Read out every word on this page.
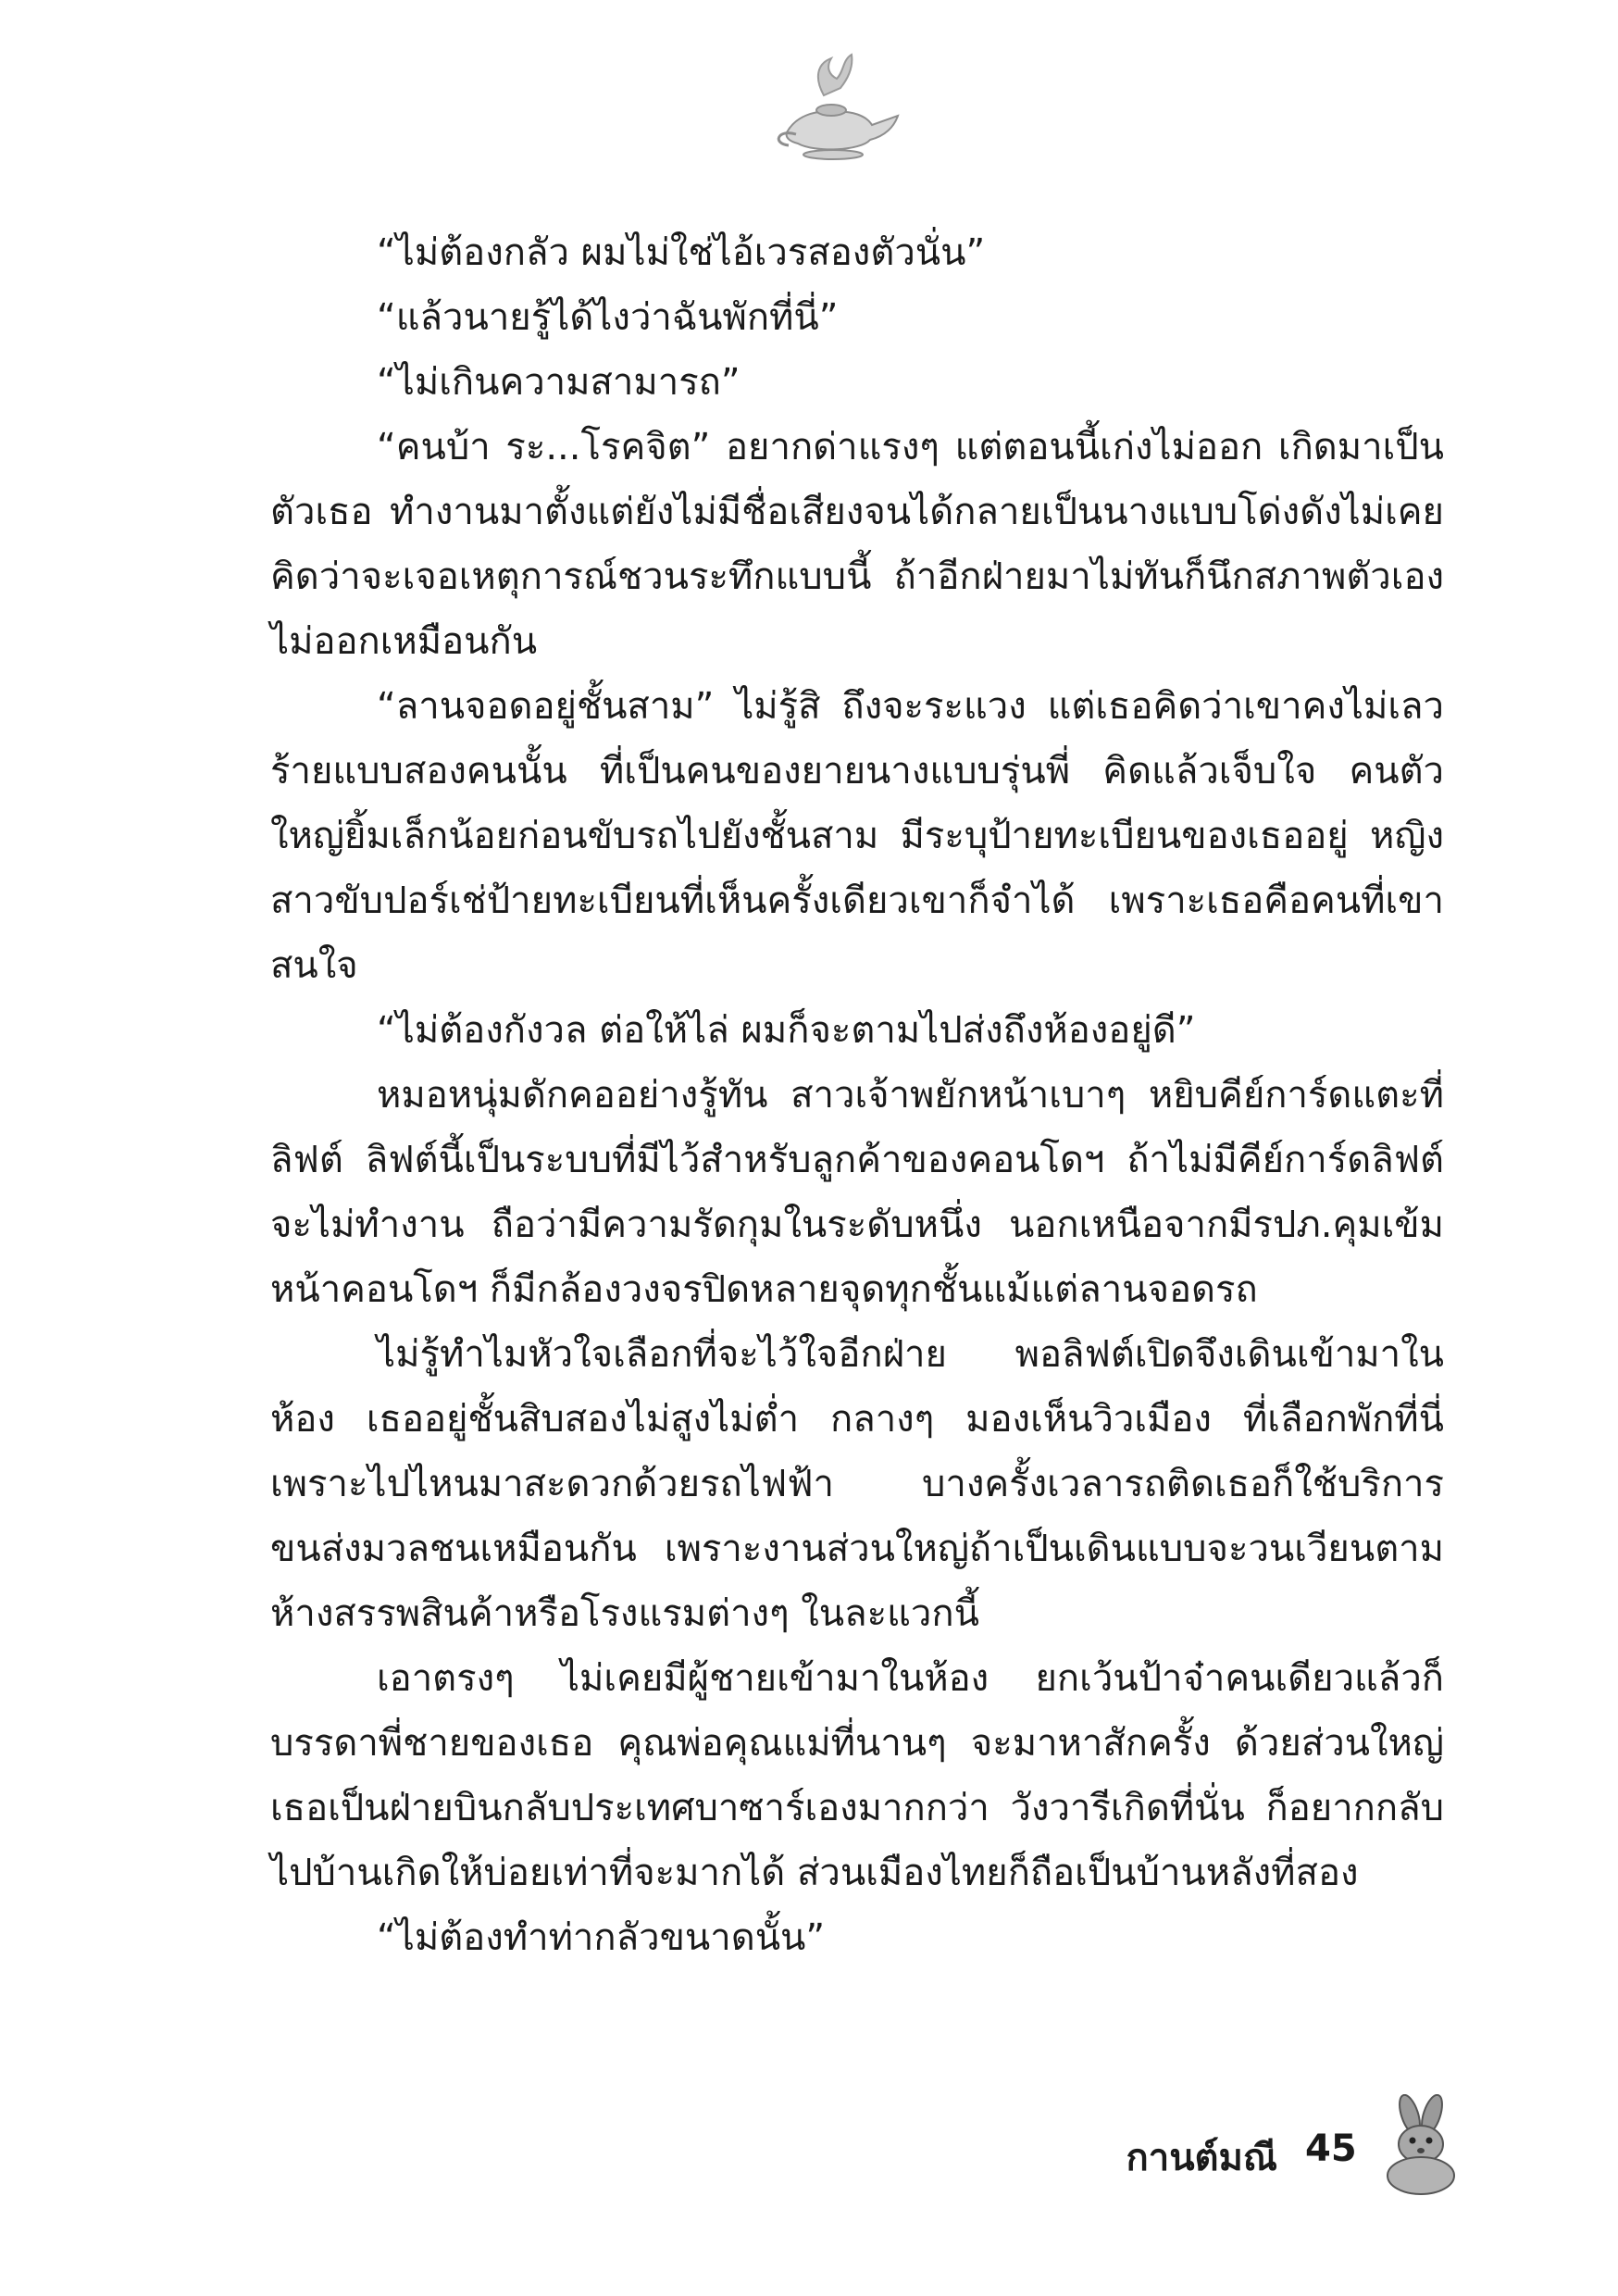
“ไม่ต้องกลัว ผมไม่ใช่ไอ้เวรสองตัวนั่น”

“แล้วนายรู้ได้ไงว่าฉันพักที่นี่”

“ไม่เกินความสามารถ”

“คนบ้า ระ...โรคจิต” อยากด่าแรงๆ แต่ตอนนี้เก่งไม่ออก เกิดมาเป็นตัวเธอ ทำงานมาตั้งแต่ยังไม่มีชื่อเสียงจนได้กลายเป็นนางแบบโด่งดังไม่เคยคิดว่าจะเจอเหตุการณ์ชวนระทึกแบบนี้ ถ้าอีกฝ่ายมาไม่ทันก็นึกสภาพตัวเองไม่ออกเหมือนกัน

“ลานจอดอยู่ชั้นสาม” ไม่รู้สิ ถึงจะระแวง แต่เธอคิดว่าเขาคงไม่เลวร้ายแบบสองคนนั้น ที่เป็นคนของยายนางแบบรุ่นพี่ คิดแล้วเจ็บใจ คนตัวใหญ่ยิ้มเล็กน้อยก่อนขับรถไปยังชั้นสาม มีระบุป้ายทะเบียนของเธออยู่ หญิงสาวขับปอร์เช่ป้ายทะเบียนที่เห็นครั้งเดียวเขาก็จำได้ เพราะเธอคือคนที่เขาสนใจ

“ไม่ต้องกังวล ต่อให้ไล่ ผมก็จะตามไปส่งถึงห้องอยู่ดี”

หมอหนุ่มดักคออย่างรู้ทัน สาวเจ้าพยักหน้าเบาๆ หยิบคีย์การ์ดแตะที่ลิฟต์ ลิฟต์นี้เป็นระบบที่มีไว้สำหรับลูกค้าของคอนโดฯ ถ้าไม่มีคีย์การ์ดลิฟต์จะไม่ทำงาน ถือว่ามีความรัดกุมในระดับหนึ่ง นอกเหนือจากมีรปภ.คุมเข้มหน้าคอนโดฯ ก็มีกล้องวงจรปิดหลายจุดทุกชั้นแม้แต่ลานจอดรถ

ไม่รู้ทำไมหัวใจเลือกที่จะไว้ใจอีกฝ่าย พอลิฟต์เปิดจึงเดินเข้ามาในห้อง เธออยู่ชั้นสิบสองไม่สูงไม่ต่ำ กลางๆ มองเห็นวิวเมือง ที่เลือกพักที่นี่เพราะไปไหนมาสะดวกด้วยรถไฟฟ้า บางครั้งเวลารถติดเธอก็ใช้บริการขนส่งมวลชนเหมือนกัน เพราะงานส่วนใหญ่ถ้าเป็นเดินแบบจะวนเวียนตามห้างสรรพสินค้าหรือโรงแรมต่างๆ ในละแวกนี้

เอาตรงๆ ไม่เคยมีผู้ชายเข้ามาในห้อง ยกเว้นป้าจ๋าคนเดียวแล้วก็บรรดาพี่ชายของเธอ คุณพ่อคุณแม่ที่นานๆ จะมาหาสักครั้ง ด้วยส่วนใหญ่เธอเป็นฝ่ายบินกลับประเทศบาซาร์เองมากกว่า วังวารีเกิดที่นั่น ก็อยากกลับไปบ้านเกิดให้บ่อยเท่าที่จะมากได้ ส่วนเมืองไทยก็ถือเป็นบ้านหลังที่สอง

“ไม่ต้องทำท่ากลัวขนาดนั้น”

กานต์มณี 45
